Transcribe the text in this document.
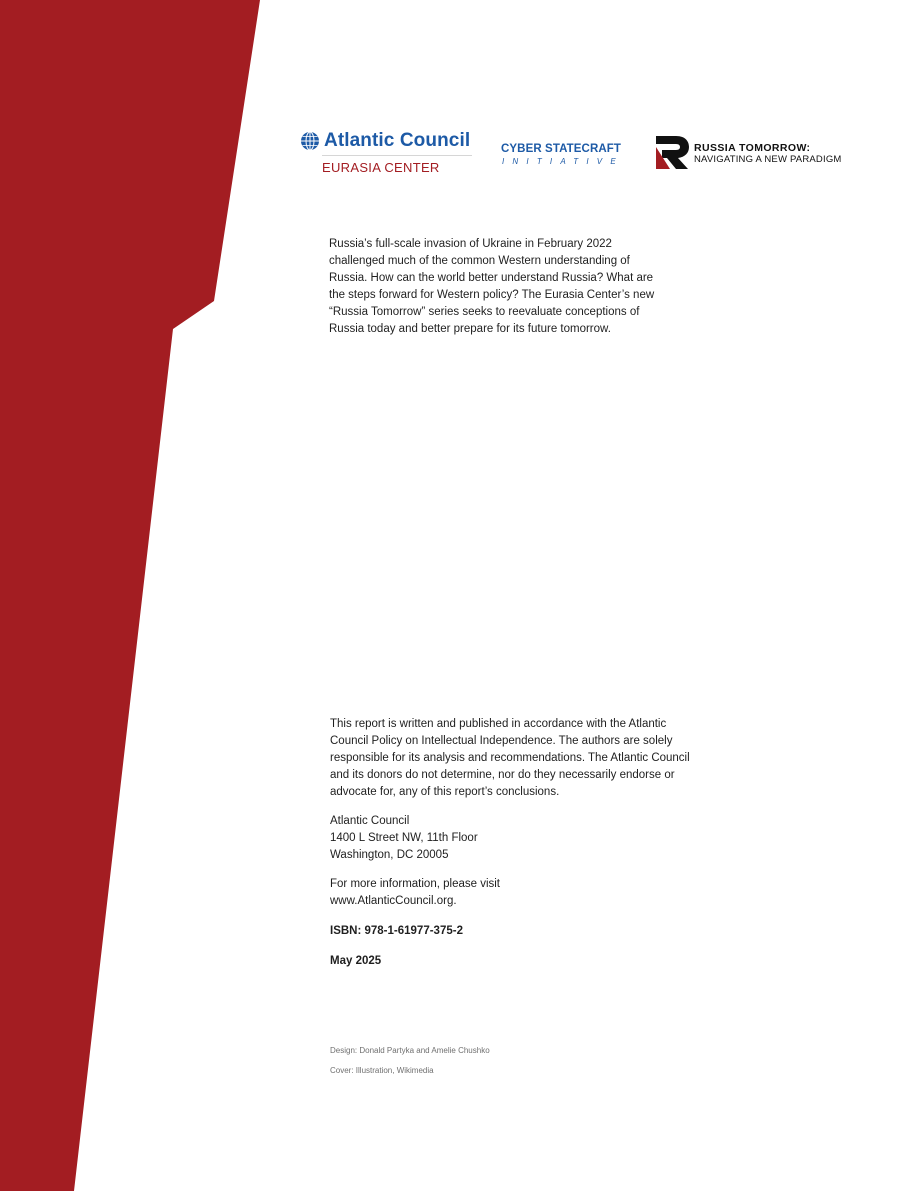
Atlantic Council
EURASIA CENTER
CYBER STATECRAFT
INITIATIVE
RUSSIA TOMORROW:
NAVIGATING A NEW PARADIGM

Russia’s full-scale invasion of Ukraine in February 2022 challenged much of the common Western understanding of Russia. How can the world better understand Russia? What are the steps forward for Western policy? The Eurasia Center’s new “Russia Tomorrow” series seeks to reevaluate conceptions of Russia today and better prepare for its future tomorrow.

This report is written and published in accordance with the Atlantic Council Policy on Intellectual Independence. The authors are solely responsible for its analysis and recommendations. The Atlantic Council and its donors do not determine, nor do they necessarily endorse or advocate for, any of this report’s conclusions.

Atlantic Council
1400 L Street NW, 11th Floor
Washington, DC 20005

For more information, please visit
www.AtlanticCouncil.org.

ISBN: 978-1-61977-375-2

May 2025

Design: Donald Partyka and Amelie Chushko

Cover: Illustration, Wikimedia
